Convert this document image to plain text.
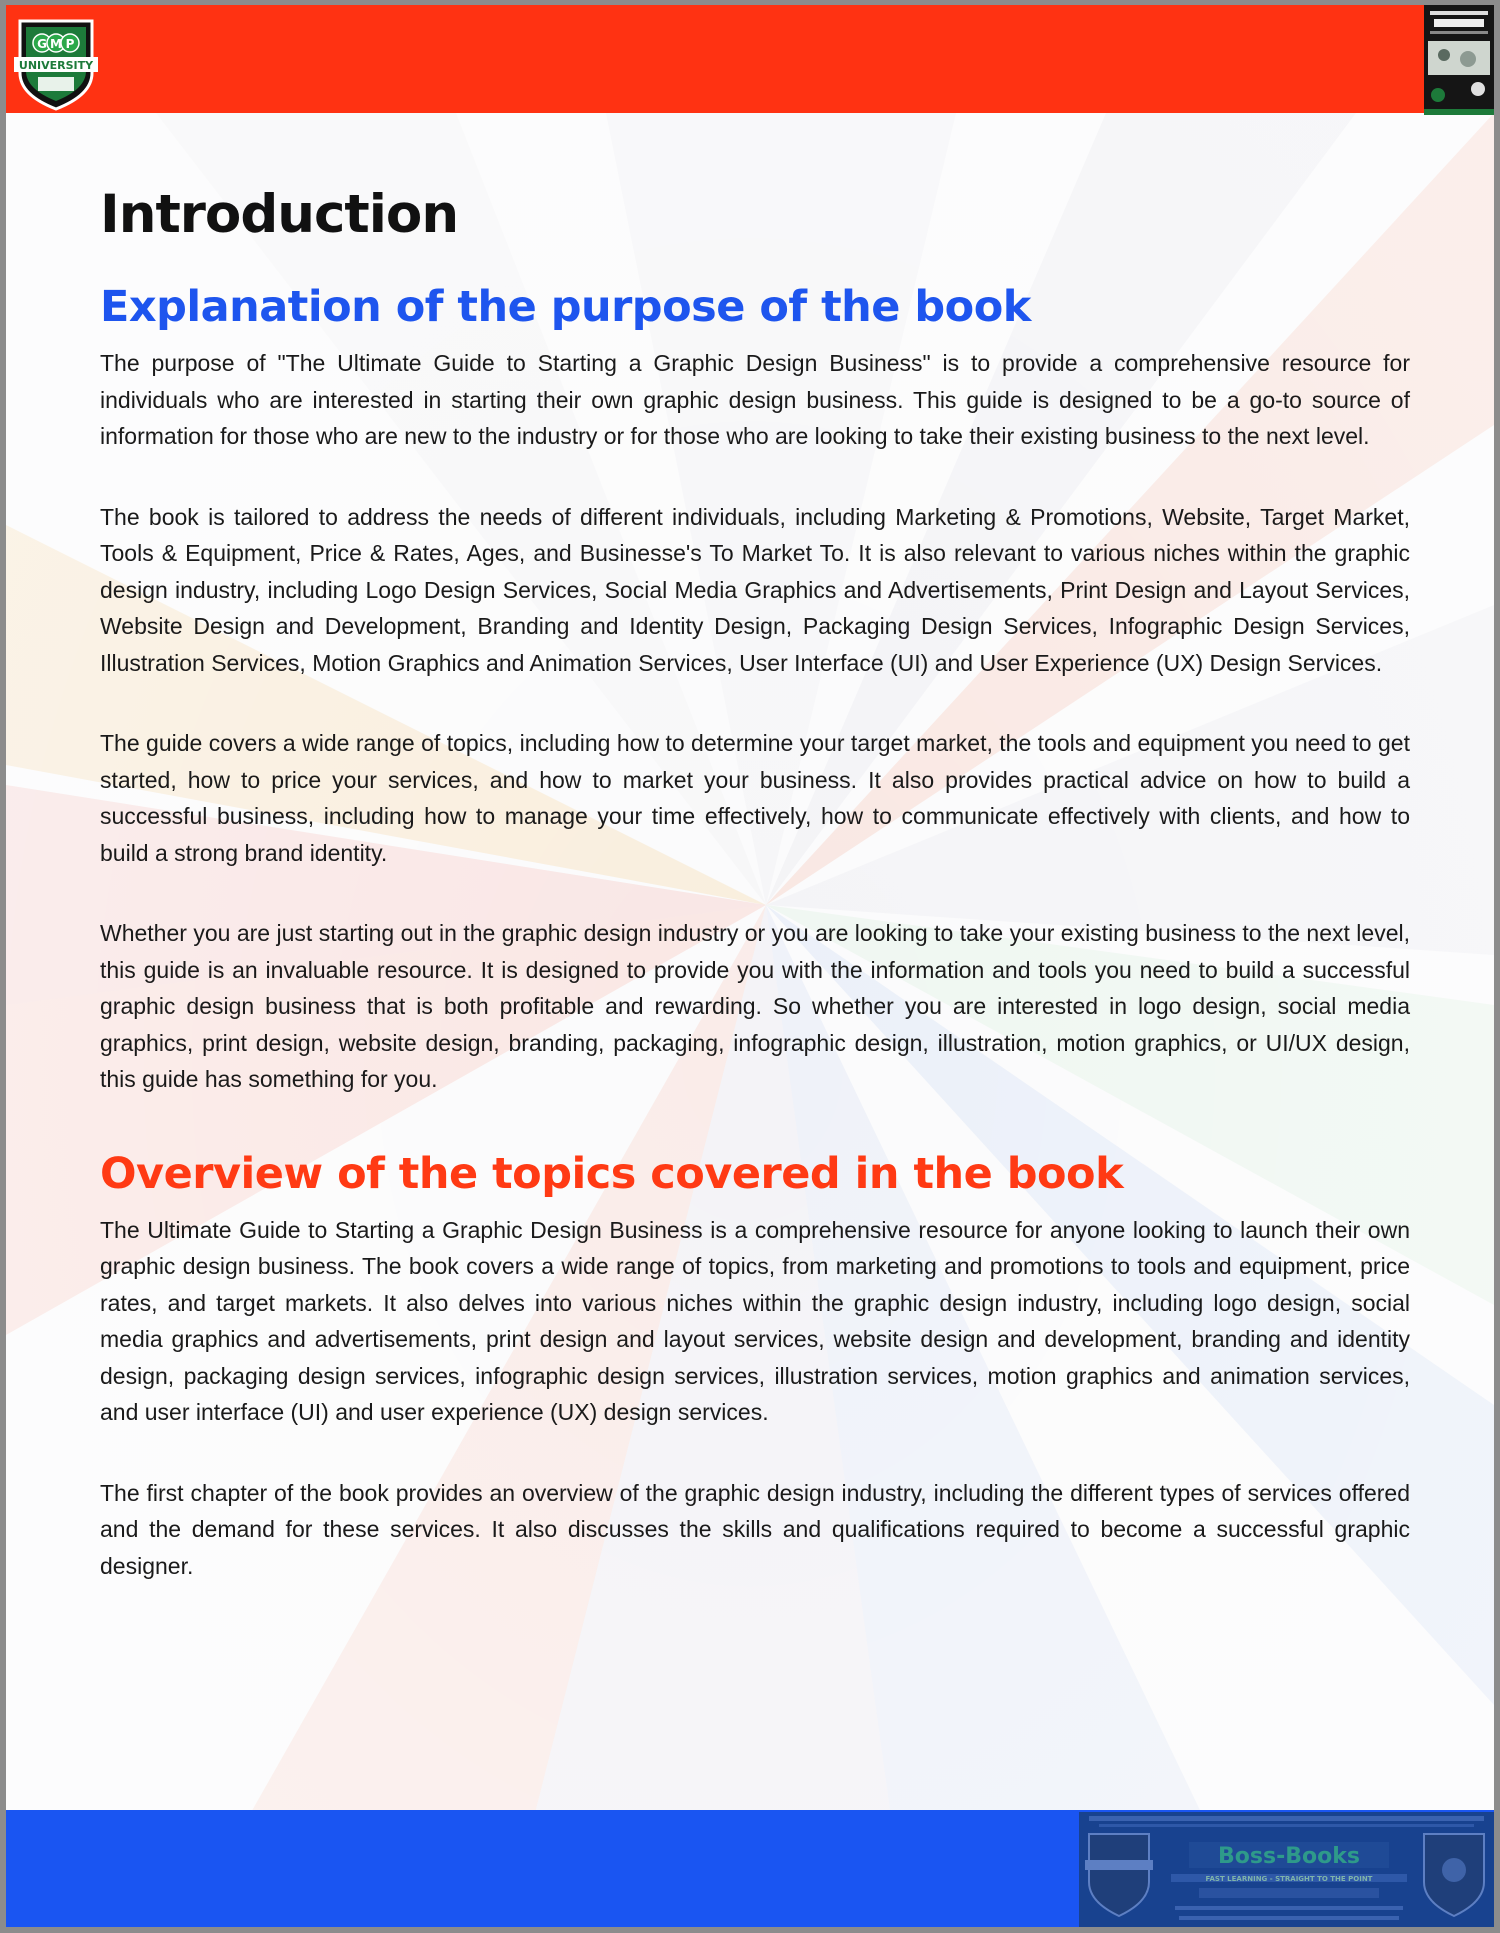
G M P
UNIVERSITY
Introduction
Explanation of the purpose of the book

The purpose of "The Ultimate Guide to Starting a Graphic Design Business" is to provide a comprehensive resource for individuals who are interested in starting their own graphic design business. This guide is designed to be a go-to source of information for those who are new to the industry or for those who are looking to take their existing business to the next level.

The book is tailored to address the needs of different individuals, including Marketing & Promotions, Website, Target Market, Tools & Equipment, Price & Rates, Ages, and Businesse's To Market To. It is also relevant to various niches within the graphic design industry, including Logo Design Services, Social Media Graphics and Advertisements, Print Design and Layout Services, Website Design and Development, Branding and Identity Design, Packaging Design Services, Infographic Design Services, Illustration Services, Motion Graphics and Animation Services, User Interface (UI) and User Experience (UX) Design Services.

The guide covers a wide range of topics, including how to determine your target market, the tools and equipment you need to get started, how to price your services, and how to market your business. It also provides practical advice on how to build a successful business, including how to manage your time effectively, how to communicate effectively with clients, and how to build a strong brand identity.

Whether you are just starting out in the graphic design industry or you are looking to take your existing business to the next level, this guide is an invaluable resource. It is designed to provide you with the information and tools you need to build a successful graphic design business that is both profitable and rewarding. So whether you are interested in logo design, social media graphics, print design, website design, branding, packaging, infographic design, illustration, motion graphics, or UI/UX design, this guide has something for you.

Overview of the topics covered in the book

The Ultimate Guide to Starting a Graphic Design Business is a comprehensive resource for anyone looking to launch their own graphic design business. The book covers a wide range of topics, from marketing and promotions to tools and equipment, price rates, and target markets. It also delves into various niches within the graphic design industry, including logo design, social media graphics and advertisements, print design and layout services, website design and development, branding and identity design, packaging design services, infographic design services, illustration services, motion graphics and animation services, and user interface (UI) and user experience (UX) design services.

The first chapter of the book provides an overview of the graphic design industry, including the different types of services offered and the demand for these services. It also discusses the skills and qualifications required to become a successful graphic designer.

Boss-Books
FAST LEARNING - STRAIGHT TO THE POINT
